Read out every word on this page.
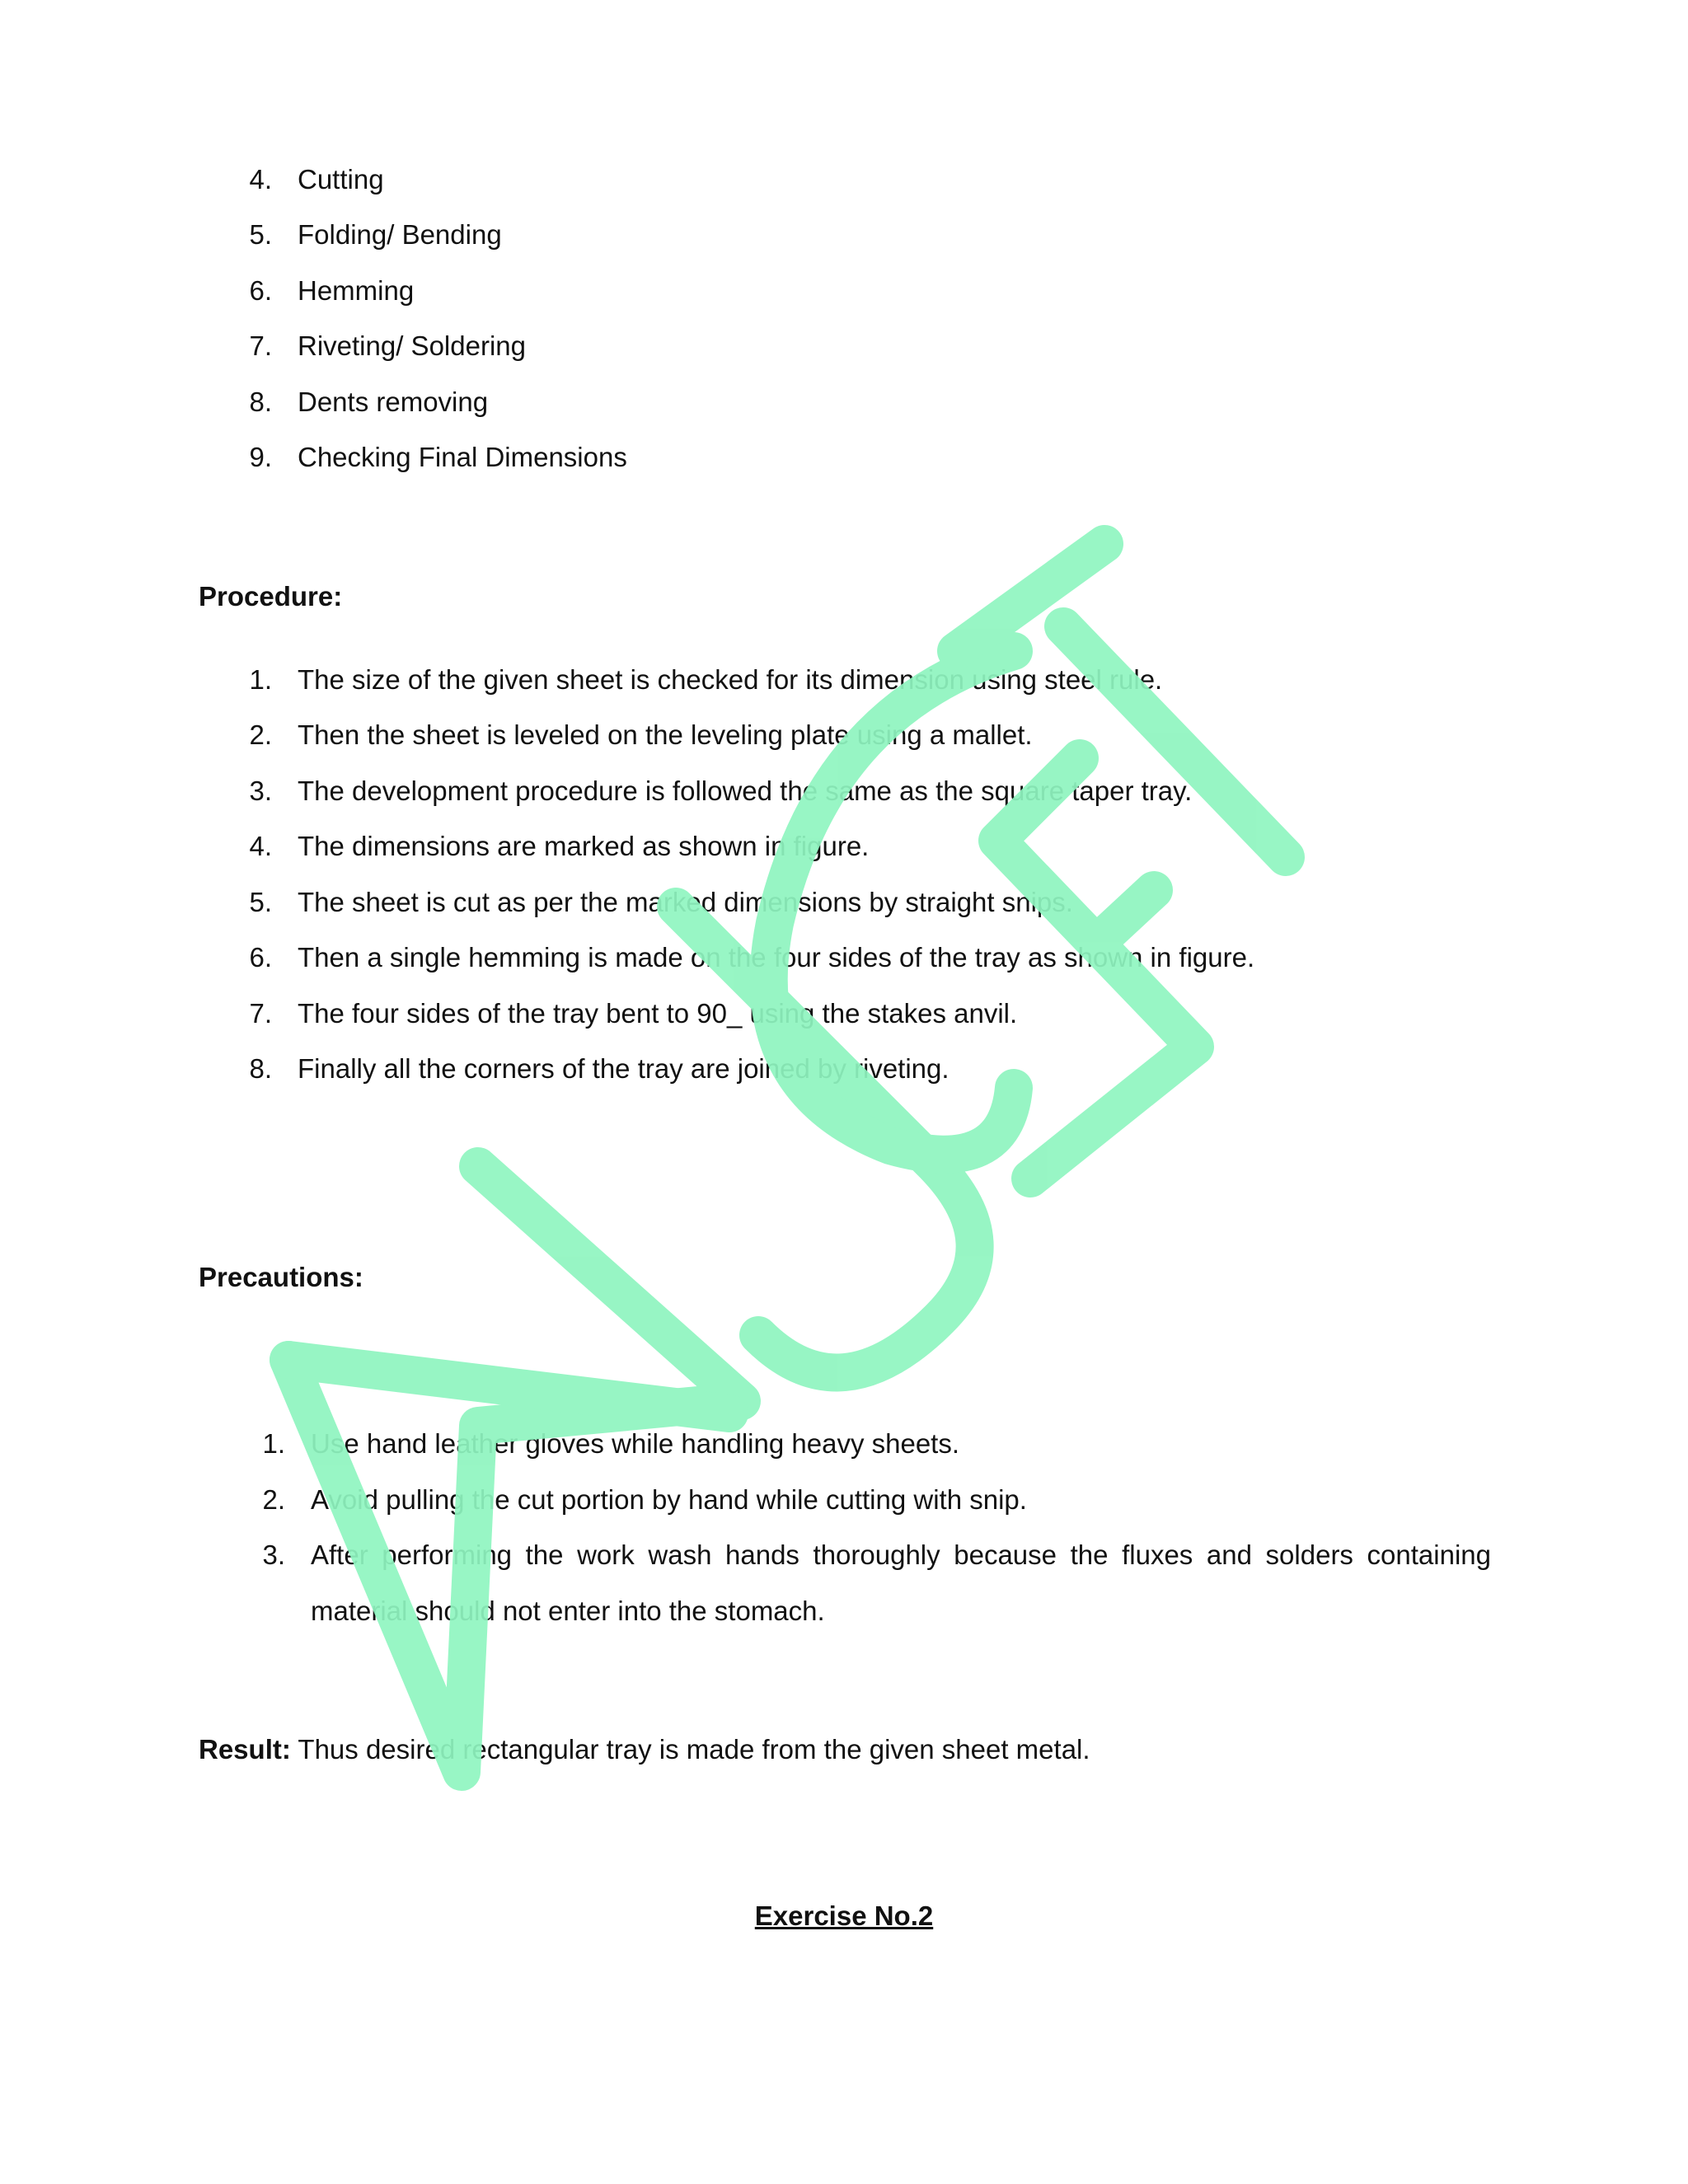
4. Cutting
5. Folding/ Bending
6. Hemming
7. Riveting/ Soldering
8. Dents removing
9. Checking Final Dimensions
Procedure:
1. The size of the given sheet is checked for its dimension using steel rule.
2. Then the sheet is leveled on the leveling plate using a mallet.
3. The development procedure is followed the same as the square taper tray.
4. The dimensions are marked as shown in figure.
5. The sheet is cut as per the marked dimensions by straight snips.
6. Then a single hemming is made on the four sides of the tray as shown in figure.
7. The four sides of the tray bent to 90_ using the stakes anvil.
8. Finally all the corners of the tray are joined by riveting.
Precautions:
1. Use hand leather gloves while handling heavy sheets.
2. Avoid pulling the cut portion by hand while cutting with snip.
3. After performing the work wash hands thoroughly because the fluxes and solders containing
material should not enter into the stomach.
Result: Thus desired rectangular tray is made from the given sheet metal.
Exercise No.2
